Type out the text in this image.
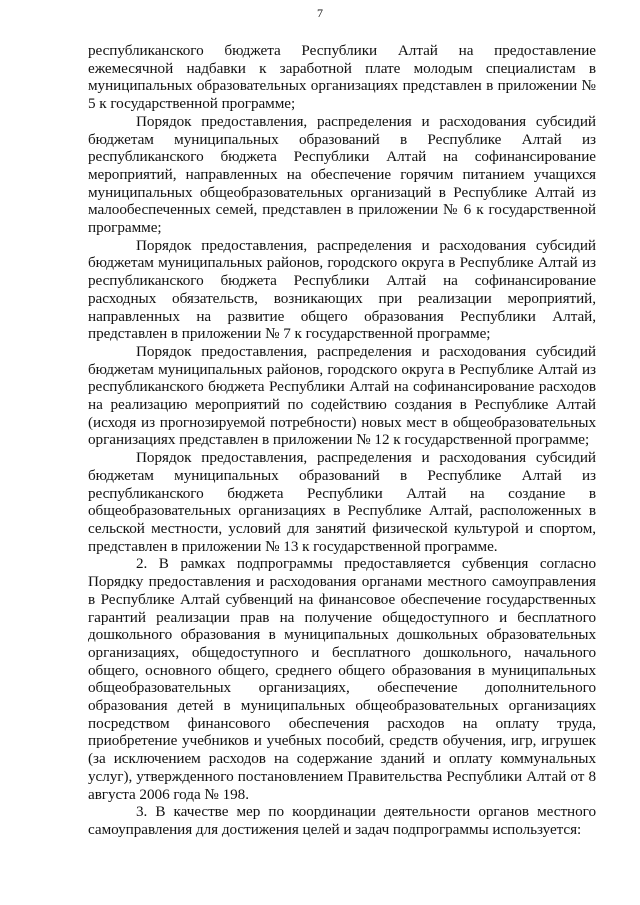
7

республиканского бюджета Республики Алтай на предоставление ежемесячной надбавки к заработной плате молодым специалистам в муниципальных образовательных организациях представлен в приложении № 5 к государственной программе;

Порядок предоставления, распределения и расходования субсидий бюджетам муниципальных образований в Республике Алтай из республиканского бюджета Республики Алтай на софинансирование мероприятий, направленных на обеспечение горячим питанием учащихся муниципальных общеобразовательных организаций в Республике Алтай из малообеспеченных семей, представлен в приложении № 6 к государственной программе;

Порядок предоставления, распределения и расходования субсидий бюджетам муниципальных районов, городского округа в Республике Алтай из республиканского бюджета Республики Алтай на софинансирование расходных обязательств, возникающих при реализации мероприятий, направленных на развитие общего образования Республики Алтай, представлен в приложении № 7 к государственной программе;

Порядок предоставления, распределения и расходования субсидий бюджетам муниципальных районов, городского округа в Республике Алтай из республиканского бюджета Республики Алтай на софинансирование расходов на реализацию мероприятий по содействию создания в Республике Алтай (исходя из прогнозируемой потребности) новых мест в общеобразовательных организациях представлен в приложении № 12 к государственной программе;

Порядок предоставления, распределения и расходования субсидий бюджетам муниципальных образований в Республике Алтай из республиканского бюджета Республики Алтай на создание в общеобразовательных организациях в Республике Алтай, расположенных в сельской местности, условий для занятий физической культурой и спортом, представлен в приложении № 13 к государственной программе.

2. В рамках подпрограммы предоставляется субвенция согласно Порядку предоставления и расходования органами местного самоуправления в Республике Алтай субвенций на финансовое обеспечение государственных гарантий реализации прав на получение общедоступного и бесплатного дошкольного образования в муниципальных дошкольных образовательных организациях, общедоступного и бесплатного дошкольного, начального общего, основного общего, среднего общего образования в муниципальных общеобразовательных организациях, обеспечение дополнительного образования детей в муниципальных общеобразовательных организациях посредством финансового обеспечения расходов на оплату труда, приобретение учебников и учебных пособий, средств обучения, игр, игрушек (за исключением расходов на содержание зданий и оплату коммунальных услуг), утвержденного постановлением Правительства Республики Алтай от 8 августа 2006 года № 198.

3. В качестве мер по координации деятельности органов местного самоуправления для достижения целей и задач подпрограммы используется:
